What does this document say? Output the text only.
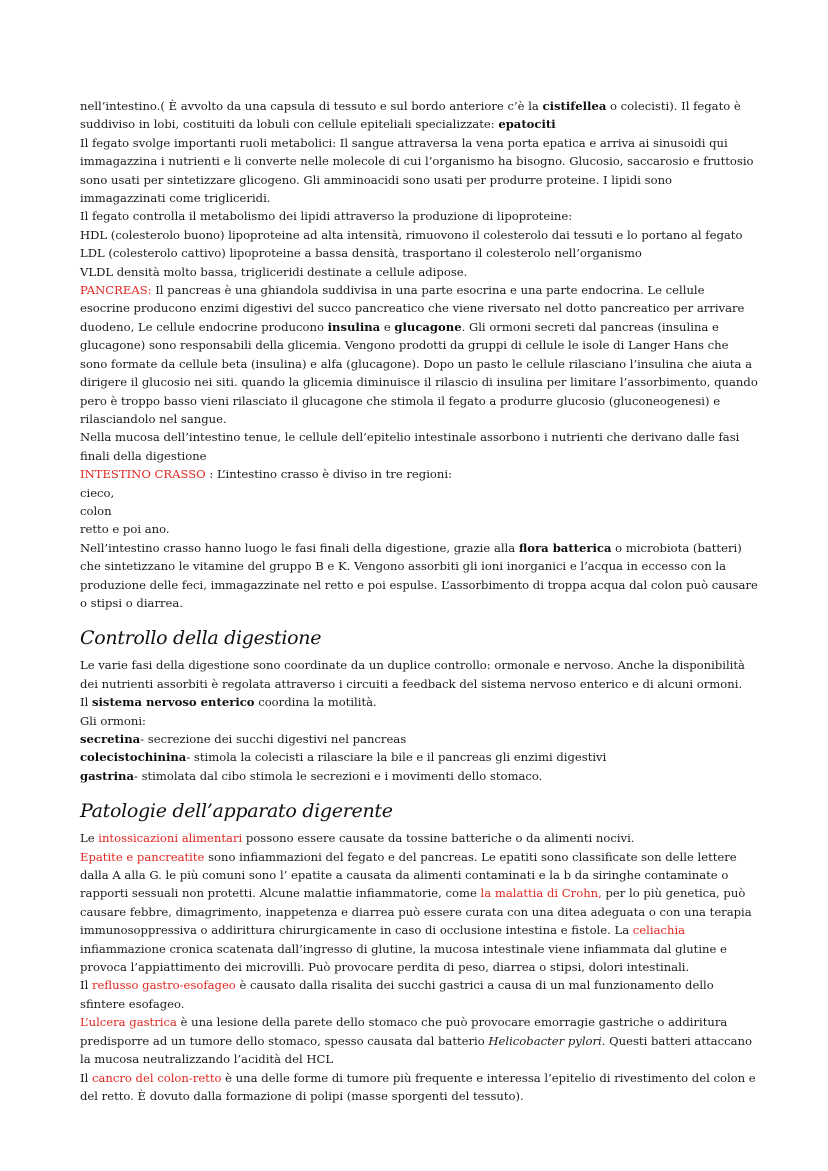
nell’intestino.( È avvolto da una capsula di tessuto e sul bordo anteriore c’è la cistifellea o colecisti). Il fegato è suddiviso in lobi, costituiti da lobuli con cellule epiteliali specializzate: epatociti

Il fegato svolge importanti ruoli metabolici: Il sangue attraversa la vena porta epatica e arriva ai sinusoidi qui immagazzina i nutrienti e li converte nelle molecole di cui l’organismo ha bisogno. Glucosio, saccarosio e fruttosio sono usati per sintetizzare glicogeno. Gli amminoacidi sono usati per produrre proteine. I lipidi sono immagazzinati come trigliceridi.

Il fegato controlla il metabolismo dei lipidi attraverso la produzione di lipoproteine:

HDL (colesterolo buono) lipoproteine ad alta intensità, rimuovono il colesterolo dai tessuti e lo portano al fegato

LDL (colesterolo cattivo) lipoproteine a bassa densità, trasportano il colesterolo nell’organismo

VLDL densità molto bassa, trigliceridi destinate a cellule adipose.

PANCREAS: Il pancreas è una ghiandola suddivisa in una parte esocrina e una parte endocrina. Le cellule esocrine producono enzimi digestivi del succo pancreatico che viene riversato nel dotto pancreatico per arrivare duodeno, Le cellule endocrine producono insulina e glucagone. Gli ormoni secreti dal pancreas (insulina e glucagone) sono responsabili della glicemia. Vengono prodotti da gruppi di cellule le isole di Langer Hans che sono formate da cellule beta (insulina) e alfa (glucagone). Dopo un pasto le cellule rilasciano l’insulina che aiuta a dirigere il glucosio nei siti. quando la glicemia diminuisce il rilascio di insulina per limitare l’assorbimento, quando pero è troppo basso vieni rilasciato il glucagone che stimola il fegato a produrre glucosio (gluconeogenesi) e rilasciandolo nel sangue.

Nella mucosa dell’intestino tenue, le cellule dell’epitelio intestinale assorbono i nutrienti che derivano dalle fasi finali della digestione

INTESTINO CRASSO : L’intestino crasso è diviso in tre regioni:

cieco,

colon

retto e poi ano.

Nell’intestino crasso hanno luogo le fasi finali della digestione, grazie alla flora batterica o microbiota (batteri) che sintetizzano le vitamine del gruppo B e K. Vengono assorbiti gli ioni inorganici e l’acqua in eccesso con la produzione delle feci, immagazzinate nel retto e poi espulse. L’assorbimento di troppa acqua dal colon può causare o stipsi o diarrea.

Controllo della digestione

Le varie fasi della digestione sono coordinate da un duplice controllo: ormonale e nervoso. Anche la disponibilità dei nutrienti assorbiti è regolata attraverso i circuiti a feedback del sistema nervoso enterico e di alcuni ormoni.

Il sistema nervoso enterico coordina la motilità.

Gli ormoni:

secretina- secrezione dei succhi digestivi nel pancreas

colecistochinina- stimola la colecisti a rilasciare la bile e il pancreas gli enzimi digestivi

gastrina- stimolata dal cibo stimola le secrezioni e i movimenti dello stomaco.

Patologie dell’apparato digerente

Le intossicazioni alimentari possono essere causate da tossine batteriche o da alimenti nocivi.

Epatite e pancreatite sono infiammazioni del fegato e del pancreas. Le epatiti sono classificate son delle lettere dalla A alla G. le più comuni sono l’ epatite a causata da alimenti contaminati e la b da siringhe contaminate o rapporti sessuali non protetti. Alcune malattie infiammatorie, come la malattia di Crohn, per lo più genetica, può causare febbre, dimagrimento, inappetenza e diarrea può essere curata con una ditea adeguata o con una terapia immunosoppressiva o addirittura chirurgicamente in caso di occlusione intestina e fistole. La celiachia infiammazione cronica scatenata dall’ingresso di glutine, la mucosa intestinale viene infiammata dal glutine e provoca l’appiattimento dei microvilli. Può provocare perdita di peso, diarrea o stipsi, dolori intestinali.

Il reflusso gastro-esofageo è causato dalla risalita dei succhi gastrici a causa di un mal funzionamento dello sfintere esofageo.

L’ulcera gastrica è una lesione della parete dello stomaco che può provocare emorragie gastriche o addiritura predisporre ad un tumore dello stomaco, spesso causata dal batterio Helicobacter pylori. Questi batteri attaccano la mucosa neutralizzando l’acidità del HCL

Il cancro del colon-retto è una delle forme di tumore più frequente e interessa l’epitelio di rivestimento del colon e del retto. È dovuto dalla formazione di polipi (masse sporgenti del tessuto).
